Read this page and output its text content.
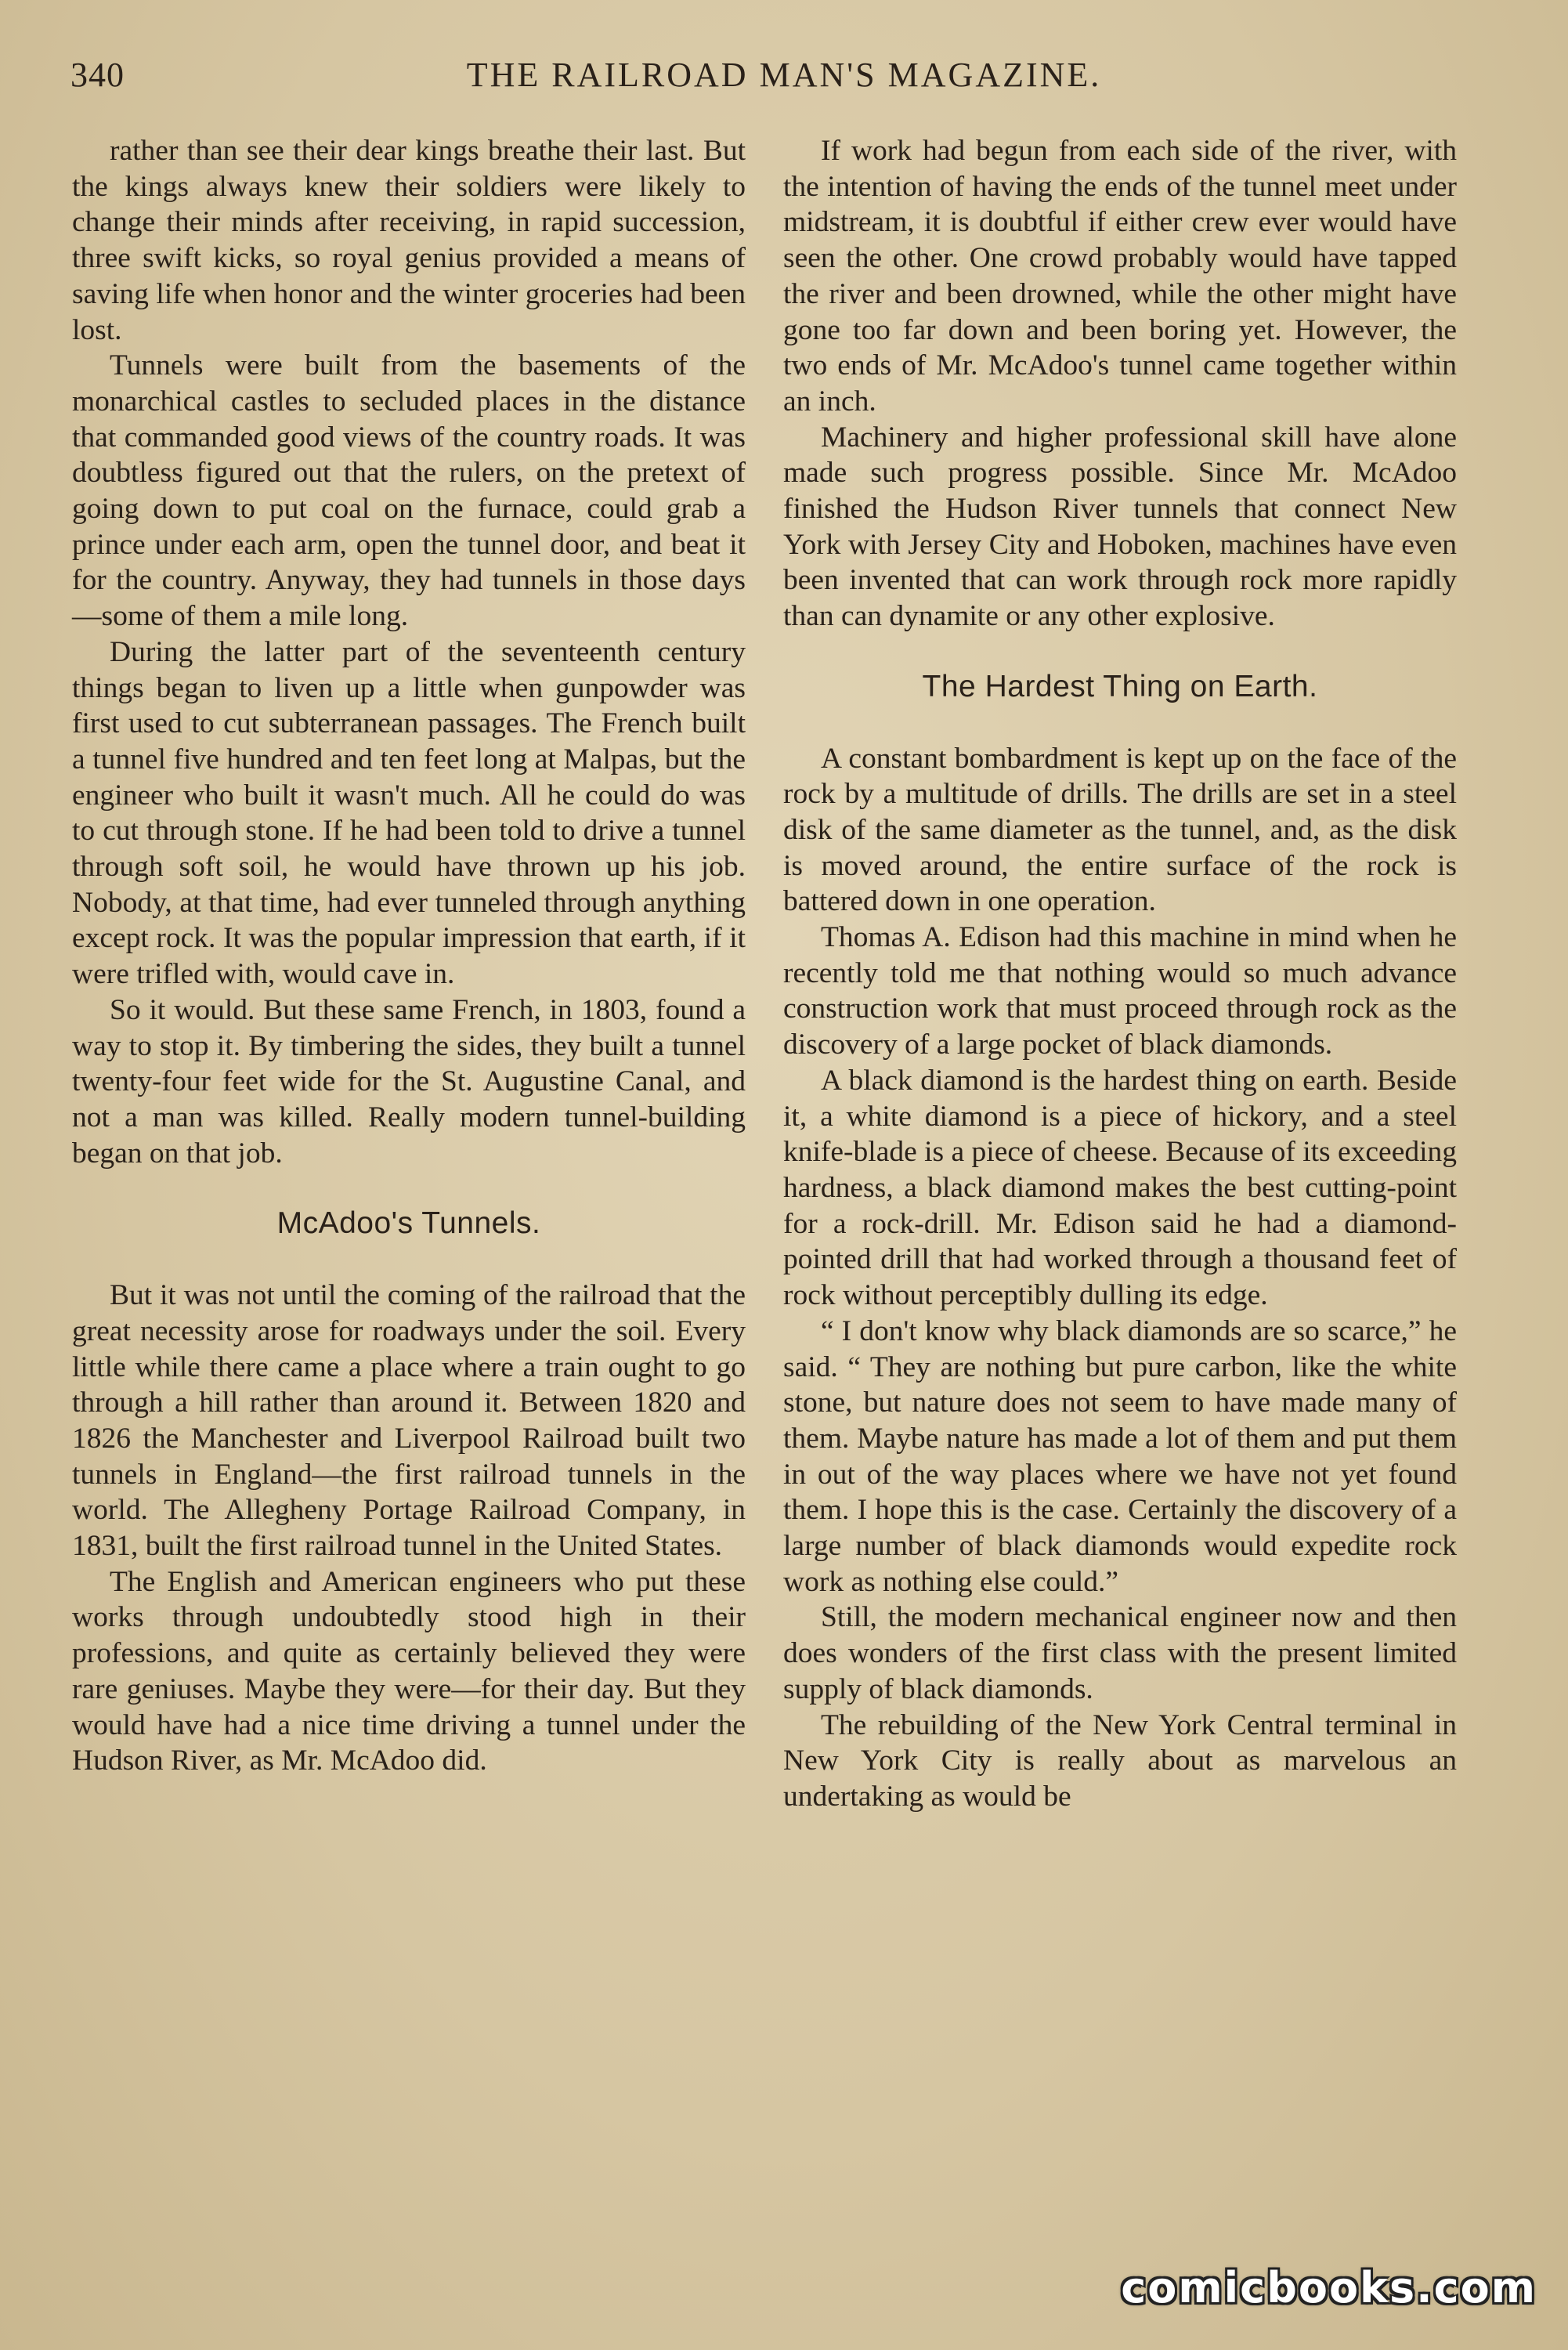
340	THE RAILROAD MAN'S MAGAZINE.

rather than see their dear kings breathe their last. But the kings always knew their soldiers were likely to change their minds after receiving, in rapid succession, three swift kicks, so royal genius provided a means of saving life when honor and the winter groceries had been lost.

Tunnels were built from the basements of the monarchical castles to secluded places in the distance that commanded good views of the country roads. It was doubtless figured out that the rulers, on the pretext of going down to put coal on the furnace, could grab a prince under each arm, open the tunnel door, and beat it for the country. Anyway, they had tunnels in those days—some of them a mile long.

During the latter part of the seventeenth century things began to liven up a little when gunpowder was first used to cut subterranean passages. The French built a tunnel five hundred and ten feet long at Malpas, but the engineer who built it wasn't much. All he could do was to cut through stone. If he had been told to drive a tunnel through soft soil, he would have thrown up his job. Nobody, at that time, had ever tunneled through anything except rock. It was the popular impression that earth, if it were trifled with, would cave in.

So it would. But these same French, in 1803, found a way to stop it. By timbering the sides, they built a tunnel twenty-four feet wide for the St. Augustine Canal, and not a man was killed. Really modern tunnel-building began on that job.

McAdoo's Tunnels.

But it was not until the coming of the railroad that the great necessity arose for roadways under the soil. Every little while there came a place where a train ought to go through a hill rather than around it. Between 1820 and 1826 the Manchester and Liverpool Railroad built two tunnels in England—the first railroad tunnels in the world. The Allegheny Portage Railroad Company, in 1831, built the first railroad tunnel in the United States.

The English and American engineers who put these works through undoubtedly stood high in their professions, and quite as certainly believed they were rare geniuses. Maybe they were—for their day. But they would have had a nice time driving a tunnel under the Hudson River, as Mr. McAdoo did.

If work had begun from each side of the river, with the intention of having the ends of the tunnel meet under midstream, it is doubtful if either crew ever would have seen the other. One crowd probably would have tapped the river and been drowned, while the other might have gone too far down and been boring yet. However, the two ends of Mr. McAdoo's tunnel came together within an inch.

Machinery and higher professional skill have alone made such progress possible. Since Mr. McAdoo finished the Hudson River tunnels that connect New York with Jersey City and Hoboken, machines have even been invented that can work through rock more rapidly than can dynamite or any other explosive.

The Hardest Thing on Earth.

A constant bombardment is kept up on the face of the rock by a multitude of drills. The drills are set in a steel disk of the same diameter as the tunnel, and, as the disk is moved around, the entire surface of the rock is battered down in one operation.

Thomas A. Edison had this machine in mind when he recently told me that nothing would so much advance construction work that must proceed through rock as the discovery of a large pocket of black diamonds.

A black diamond is the hardest thing on earth. Beside it, a white diamond is a piece of hickory, and a steel knife-blade is a piece of cheese. Because of its exceeding hardness, a black diamond makes the best cutting-point for a rock-drill. Mr. Edison said he had a diamond-pointed drill that had worked through a thousand feet of rock without perceptibly dulling its edge.

“ I don't know why black diamonds are so scarce,” he said. “ They are nothing but pure carbon, like the white stone, but nature does not seem to have made many of them. Maybe nature has made a lot of them and put them in out of the way places where we have not yet found them. I hope this is the case. Certainly the discovery of a large number of black diamonds would expedite rock work as nothing else could.”

Still, the modern mechanical engineer now and then does wonders of the first class with the present limited supply of black diamonds.

The rebuilding of the New York Central terminal in New York City is really about as marvelous an undertaking as would be

comicbooks.com
